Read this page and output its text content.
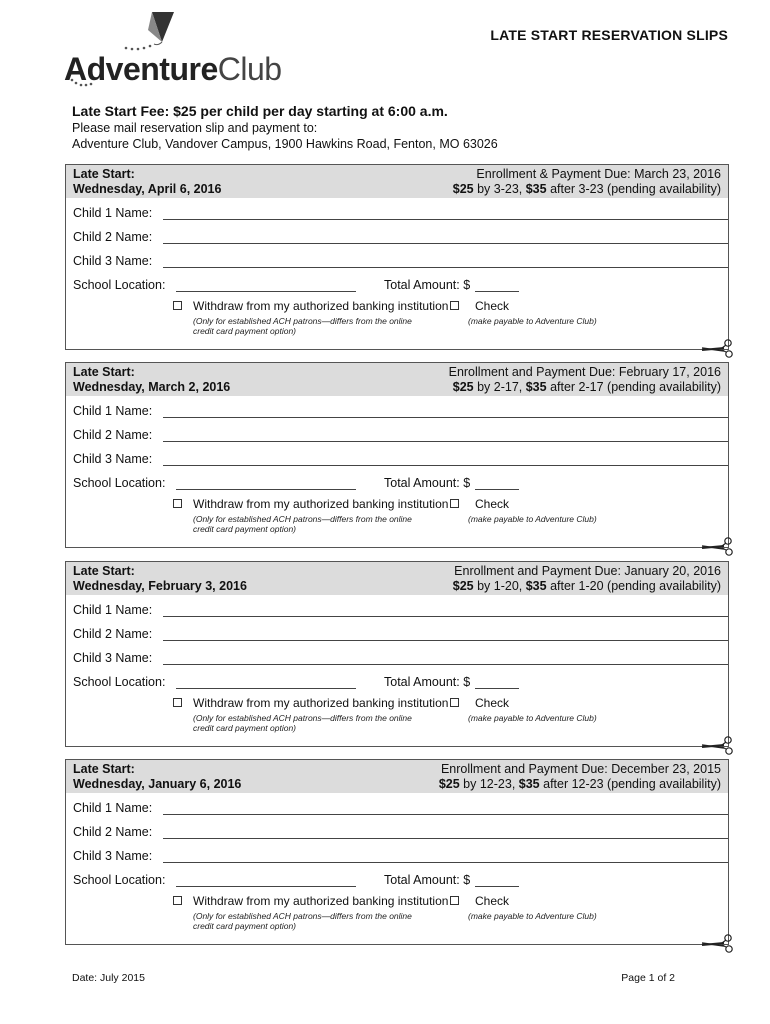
AdventureClub
LATE START RESERVATION SLIPS
Late Start Fee: $25 per child per day starting at 6:00 a.m.
Please mail reservation slip and payment to:
Adventure Club, Vandover Campus, 1900 Hawkins Road, Fenton, MO 63026
Late Start:
Wednesday, April 6, 2016
Enrollment & Payment Due: March 23, 2016
$25 by 3-23, $35 after 3-23 (pending availability)
Child 1 Name:
Child 2 Name:
Child 3 Name:
School Location:	Total Amount: $
Withdraw from my authorized banking institution
(Only for established ACH patrons—differs from the online
credit card payment option)
Check
(make payable to Adventure Club)
Late Start:
Wednesday, March 2, 2016
Enrollment and Payment Due: February 17, 2016
$25 by 2-17, $35 after 2-17 (pending availability)
Child 1 Name:
Child 2 Name:
Child 3 Name:
School Location:	Total Amount: $
Withdraw from my authorized banking institution
(Only for established ACH patrons—differs from the online
credit card payment option)
Check
(make payable to Adventure Club)
Late Start:
Wednesday, February 3, 2016
Enrollment and Payment Due: January 20, 2016
$25 by 1-20, $35 after 1-20 (pending availability)
Child 1 Name:
Child 2 Name:
Child 3 Name:
School Location:	Total Amount: $
Withdraw from my authorized banking institution
(Only for established ACH patrons—differs from the online
credit card payment option)
Check
(make payable to Adventure Club)
Late Start:
Wednesday, January 6, 2016
Enrollment and Payment Due: December 23, 2015
$25 by 12-23, $35 after 12-23 (pending availability)
Child 1 Name:
Child 2 Name:
Child 3 Name:
School Location:	Total Amount: $
Withdraw from my authorized banking institution
(Only for established ACH patrons—differs from the online
credit card payment option)
Check
(make payable to Adventure Club)
Date: July 2015	Page 1 of 2
